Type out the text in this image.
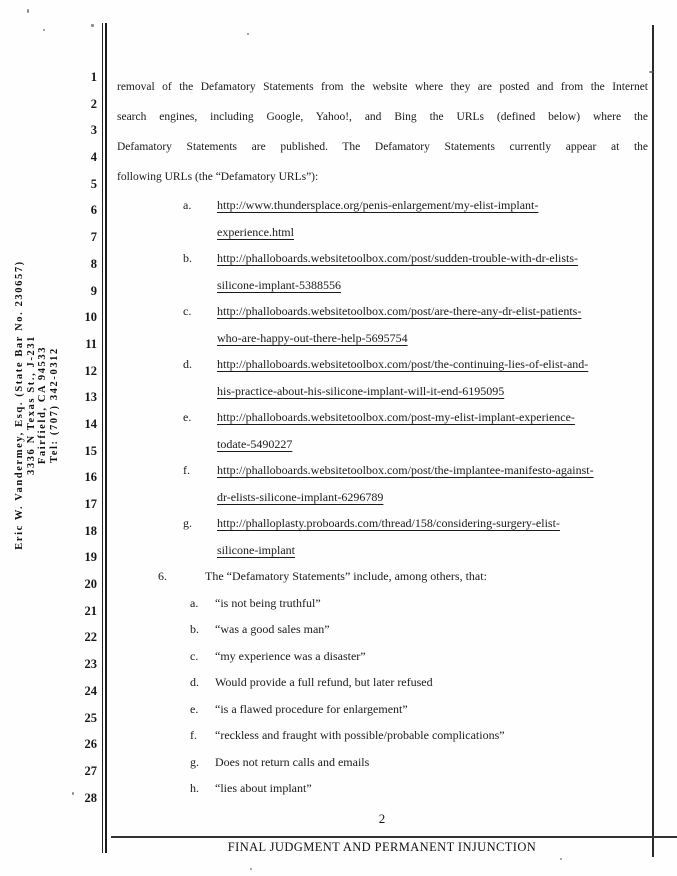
Eric W. Vandermey, Esq. (State Bar No. 230657) 3336 N Texas St., J-231 Fairfield, CA 94533 Tel: (707) 342-0312
1
2
3
4
5
6
7
8
9
10
11
12
13
14
15
16
17
18
19
20
21
22
23
24
25
26
27
28
removal of the Defamatory Statements from the website where they are posted and from the Internet
search engines, including Google, Yahoo!, and Bing the URLs (defined below) where the
Defamatory Statements are published. The Defamatory Statements currently appear at the
following URLs (the “Defamatory URLs”):
a. http://www.thundersplace.org/penis-enlargement/my-elist-implant-
experience.html
b. http://phalloboards.websitetoolbox.com/post/sudden-trouble-with-dr-elists-
silicone-implant-5388556
c. http://phalloboards.websitetoolbox.com/post/are-there-any-dr-elist-patients-
who-are-happy-out-there-help-5695754
d. http://phalloboards.websitetoolbox.com/post/the-continuing-lies-of-elist-and-
his-practice-about-his-silicone-implant-will-it-end-6195095
e. http://phalloboards.websitetoolbox.com/post-my-elist-implant-experience-
todate-5490227
f. http://phalloboards.websitetoolbox.com/post/the-implantee-manifesto-against-
dr-elists-silicone-implant-6296789
g. http://phalloplasty.proboards.com/thread/158/considering-surgery-elist-
silicone-implant
6.	The “Defamatory Statements” include, among others, that:
a. “is not being truthful”
b. “was a good sales man”
c. “my experience was a disaster”
d. Would provide a full refund, but later refused
e. “is a flawed procedure for enlargement”
f. “reckless and fraught with possible/probable complications”
g. Does not return calls and emails
h. “lies about implant”
2
FINAL JUDGMENT AND PERMANENT INJUNCTION
